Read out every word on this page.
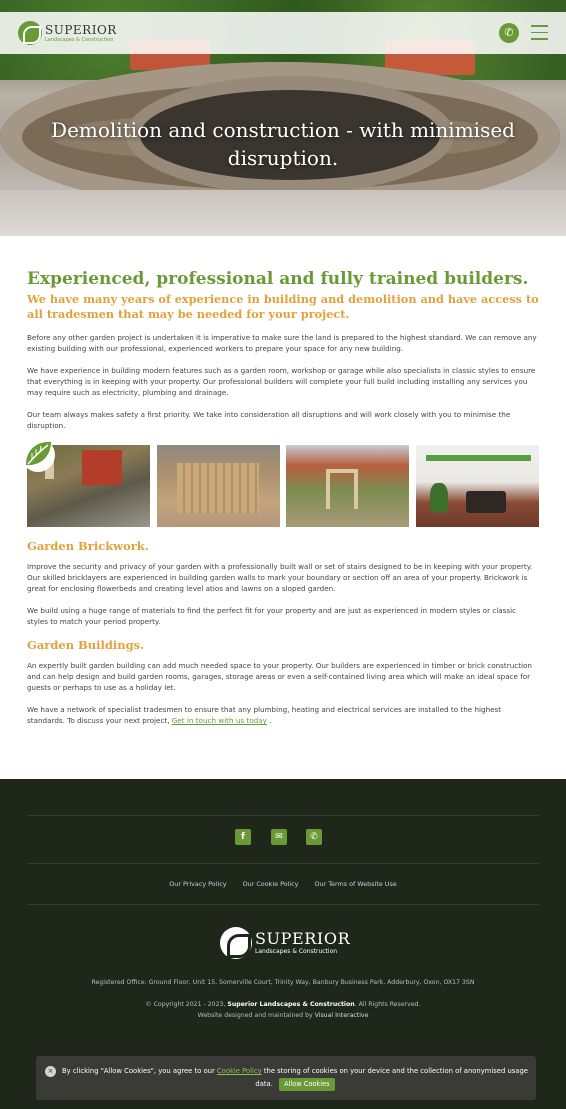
Demolition and construction - with minimised disruption.
SUPERIOR
Landscapes & Construction
✆
Experienced, professional and fully trained builders.
We have many years of experience in building and demolition and have access to all tradesmen that may be needed for your project.

Before any other garden project is undertaken it is imperative to make sure the land is prepared to the highest standard. We can remove any existing building with our professional, experienced workers to prepare your space for any new building.

We have experience in building modern features such as a garden room, workshop or garage while also specialists in classic styles to ensure that everything is in keeping with your property. Our professional builders will complete your full build including installing any services you may require such as electricity, plumbing and drainage.

Our team always makes safety a first priority. We take into consideration all disruptions and will work closely with you to minimise the disruption.

Garden Brickwork.

Improve the security and privacy of your garden with a professionally built wall or set of stairs designed to be in keeping with your property. Our skilled bricklayers are experienced in building garden walls to mark your boundary or section off an area of your property. Brickwork is great for enclosing flowerbeds and creating level atios and lawns on a sloped garden.

We build using a huge range of materials to find the perfect fit for your property and are just as experienced in modern styles or classic styles to match your period property.

Garden Buildings.

An expertly built garden building can add much needed space to your property. Our builders are experienced in timber or brick construction and can help design and build garden rooms, garages, storage areas or even a self-contained living area which will make an ideal space for guests or perhaps to use as a holiday let.

We have a network of specialist tradesmen to ensure that any plumbing, heating and electrical services are installed to the highest standards. To discuss your next project, Get in touch with us today .

f	✉	✆
Our Privacy Policy	Our Cookie Policy	Our Terms of Website Use
SUPERIOR
Landscapes & Construction
Registered Office: Ground Floor, Unit 15, Somerville Court, Trinity Way, Banbury Business Park, Adderbury, Oxon, OX17 3SN
© Copyright 2021 - 2023, Superior Landscapes & Construction. All Rights Reserved.
Website designed and maintained by Visual Interactive
×	By clicking "Allow Cookies", you agree to our Cookie Policy the storing of cookies on your device and the collection of anonymised usage data. Allow Cookies
